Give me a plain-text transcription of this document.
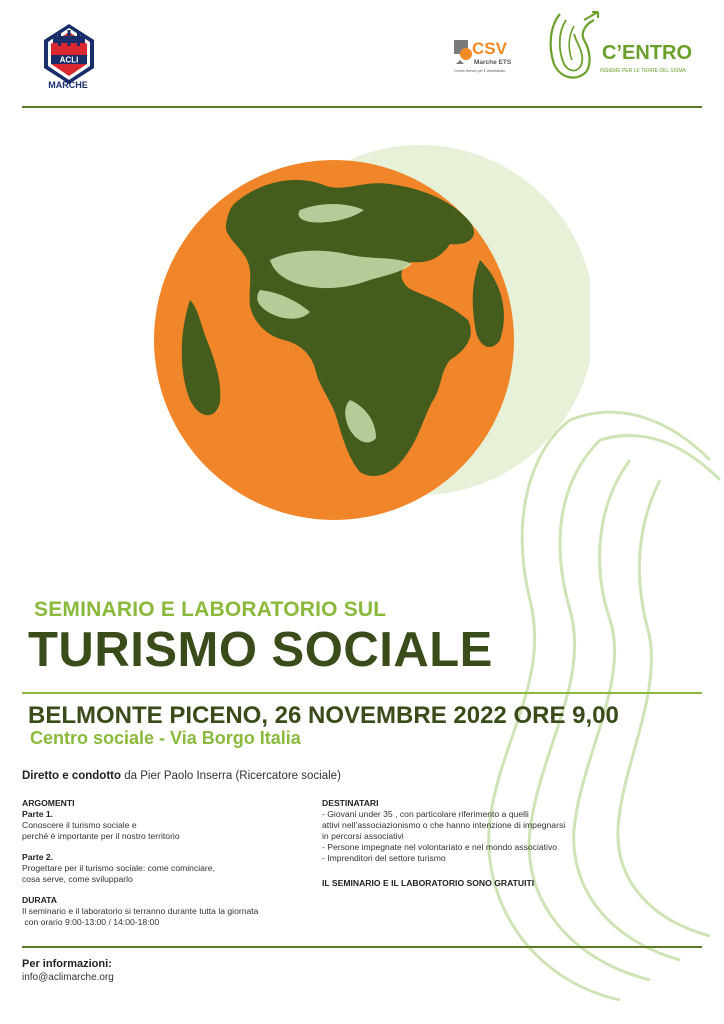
ACLI
MARCHE
CSV
Marche ETS
Centro Servizi per il Volontariato
C’ENTRO
INSIEME PER LE TERRE DEL SISMA
SEMINARIO E LABORATORIO SUL
TURISMO SOCIALE
BELMONTE PICENO, 26 NOVEMBRE 2022 ORE 9,00
Centro sociale - Via Borgo Italia
Diretto e condotto da Pier Paolo Inserra (Ricercatore sociale)
ARGOMENTI
Parte 1.
Conoscere il turismo sociale e
perché è importante per il nostro territorio
Parte 2.
Progettare per il turismo sociale: come cominciare,
cosa serve, come svilupparlo
DURATA
Il seminario e il laboratorio si terranno durante tutta la giornata
con orario 9:00-13:00 / 14:00-18:00
DESTINATARI
- Giovani under 35 , con particolare riferimento a quelli
attivi nell’associazionismo o che hanno intenzione di impegnarsi
in percorsi associativi
- Persone impegnate nel volontariato e nel mondo associativo
- Imprenditori del settore turismo
IL SEMINARIO E IL LABORATORIO SONO GRATUITI
Per informazioni:
info@aclimarche.org
